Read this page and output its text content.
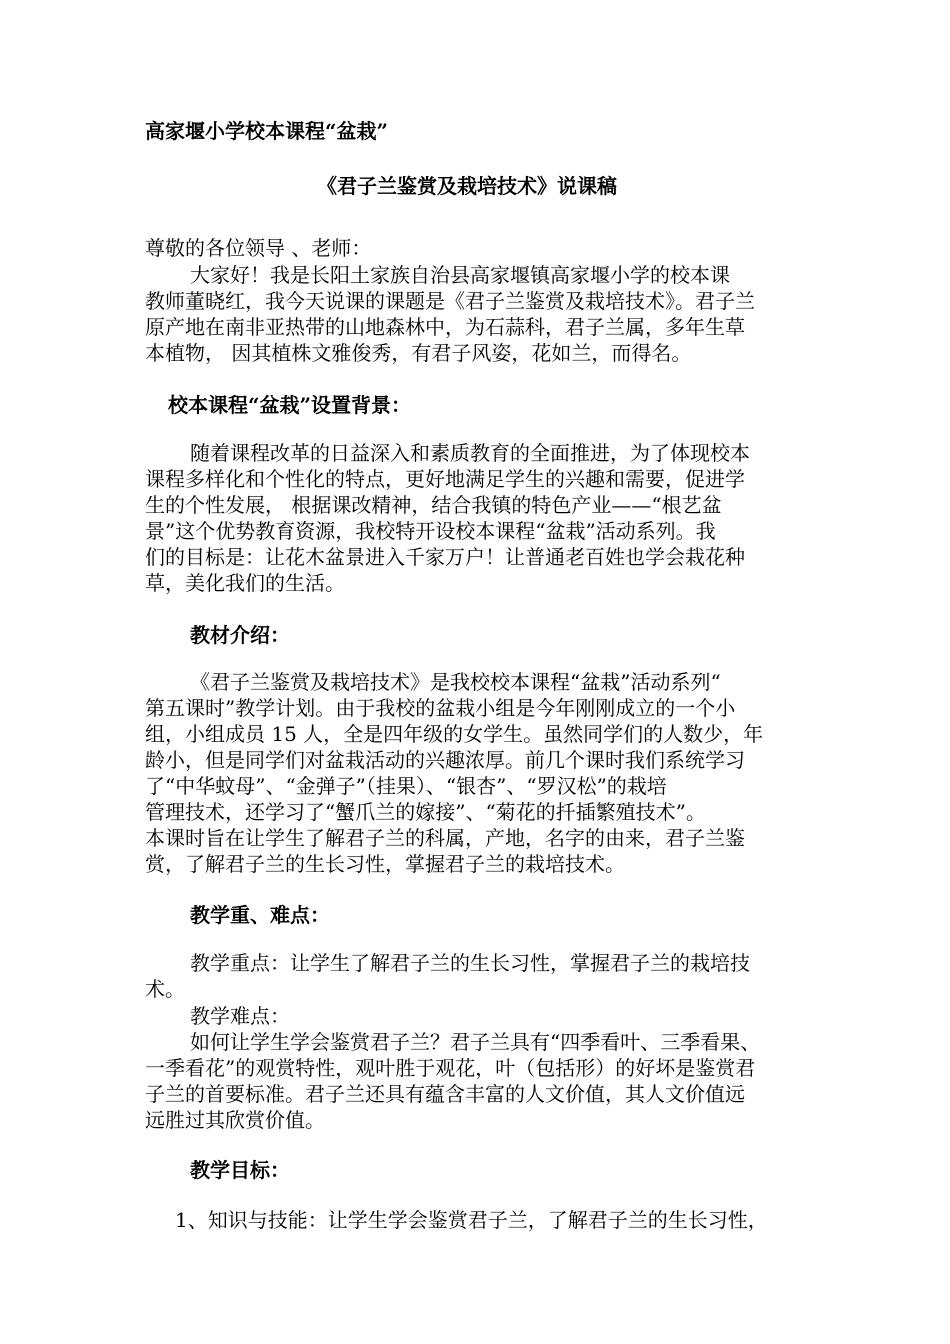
高家堰小学校本课程“盆栽”
《君子兰鉴赏及栽培技术》说课稿
尊敬的各位领导 、老师：
大家好！我是长阳土家族自治县高家堰镇高家堰小学的校本课
教师董晓红，我今天说课的课题是《君子兰鉴赏及栽培技术》。君子兰
原产地在南非亚热带的山地森林中，为石蒜科，君子兰属，多年生草
本植物， 因其植株文雅俊秀，有君子风姿，花如兰，而得名。
校本课程“盆栽”设置背景：
随着课程改革的日益深入和素质教育的全面推进，为了体现校本
课程多样化和个性化的特点，更好地满足学生的兴趣和需要，促进学
生的个性发展， 根据课改精神，结合我镇的特色产业——“根艺盆
景”这个优势教育资源，我校特开设校本课程“盆栽”活动系列。我
们的目标是：让花木盆景进入千家万户！让普通老百姓也学会栽花种
草，美化我们的生活。
教材介绍：
《君子兰鉴赏及栽培技术》是我校校本课程“盆栽”活动系列“
第五课时”教学计划。由于我校的盆栽小组是今年刚刚成立的一个小
组，小组成员 15 人，全是四年级的女学生。虽然同学们的人数少，年
龄小，但是同学们对盆栽活动的兴趣浓厚。前几个课时我们系统学习
了“中华蚊母”、“金弹子”（挂果）、“银杏”、“罗汉松”的栽培
管理技术，还学习了“蟹爪兰的嫁接”、“菊花的扦插繁殖技术”。
本课时旨在让学生了解君子兰的科属，产地，名字的由来，君子兰鉴
赏，了解君子兰的生长习性，掌握君子兰的栽培技术。
教学重、难点：
教学重点：让学生了解君子兰的生长习性，掌握君子兰的栽培技
术。
教学难点：
如何让学生学会鉴赏君子兰？君子兰具有“四季看叶、三季看果、
一季看花”的观赏特性，观叶胜于观花，叶（包括形）的好坏是鉴赏君
子兰的首要标准。君子兰还具有蕴含丰富的人文价值，其人文价值远
远胜过其欣赏价值。
教学目标：
1、知识与技能：让学生学会鉴赏君子兰，了解君子兰的生长习性，
